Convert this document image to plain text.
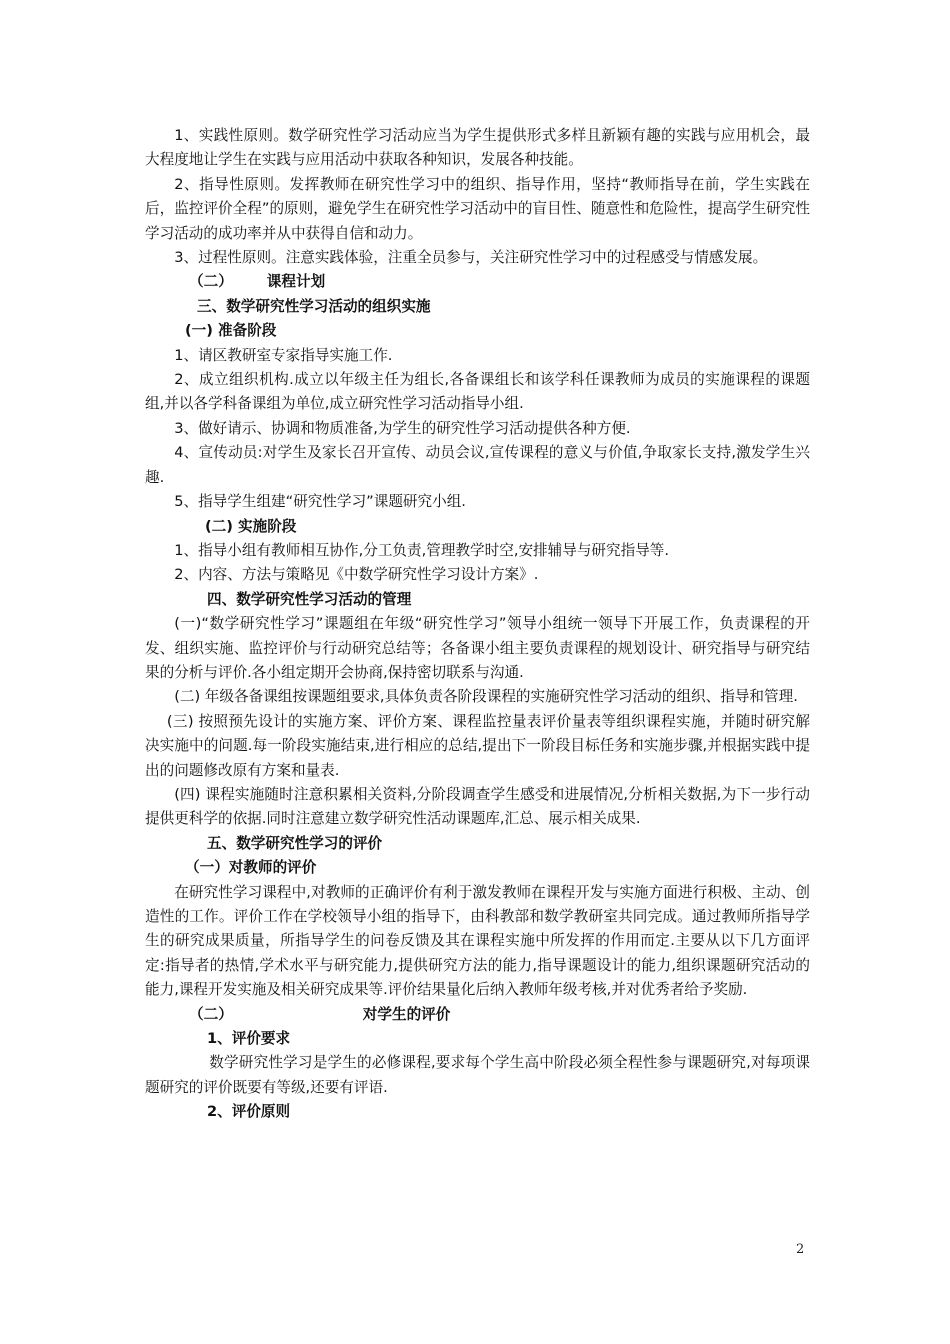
1、实践性原则。数学研究性学习活动应当为学生提供形式多样且新颖有趣的实践与应用机会，最大程度地让学生在实践与应用活动中获取各种知识，发展各种技能。

2、指导性原则。发挥教师在研究性学习中的组织、指导作用，坚持“教师指导在前，学生实践在后，监控评价全程”的原则，避免学生在研究性学习活动中的盲目性、随意性和危险性，提高学生研究性学习活动的成功率并从中获得自信和动力。

3、过程性原则。注意实践体验，注重全员参与，关注研究性学习中的过程感受与情感发展。

（二） 课程计划

三、数学研究性学习活动的组织实施

(一) 准备阶段

1、请区教研室专家指导实施工作.

2、成立组织机构.成立以年级主任为组长,各备课组长和该学科任课教师为成员的实施课程的课题组,并以各学科备课组为单位,成立研究性学习活动指导小组.

3、做好请示、协调和物质准备,为学生的研究性学习活动提供各种方便.

4、宣传动员:对学生及家长召开宣传、动员会议,宣传课程的意义与价值,争取家长支持,激发学生兴趣.

5、指导学生组建“研究性学习”课题研究小组.

(二) 实施阶段

1、指导小组有教师相互协作,分工负责,管理教学时空,安排辅导与研究指导等.

2、内容、方法与策略见《中数学研究性学习设计方案》.

四、数学研究性学习活动的管理

(一)“数学研究性学习”课题组在年级“研究性学习”领导小组统一领导下开展工作，负责课程的开发、组织实施、监控评价与行动研究总结等；各备课小组主要负责课程的规划设计、研究指导与研究结果的分析与评价.各小组定期开会协商,保持密切联系与沟通.

(二) 年级各备课组按课题组要求,具体负责各阶段课程的实施研究性学习活动的组织、指导和管理.

(三) 按照预先设计的实施方案、评价方案、课程监控量表评价量表等组织课程实施，并随时研究解决实施中的问题.每一阶段实施结束,进行相应的总结,提出下一阶段目标任务和实施步骤,并根据实践中提出的问题修改原有方案和量表.

(四) 课程实施随时注意积累相关资料,分阶段调查学生感受和进展情况,分析相关数据,为下一步行动提供更科学的依据.同时注意建立数学研究性活动课题库,汇总、展示相关成果.

五、数学研究性学习的评价

（一）对教师的评价

在研究性学习课程中,对教师的正确评价有利于激发教师在课程开发与实施方面进行积极、主动、创造性的工作。评价工作在学校领导小组的指导下，由科教部和数学教研室共同完成。通过教师所指导学生的研究成果质量，所指导学生的问卷反馈及其在课程实施中所发挥的作用而定.主要从以下几方面评定:指导者的热情,学术水平与研究能力,提供研究方法的能力,指导课题设计的能力,组织课题研究活动的能力,课程开发实施及相关研究成果等.评价结果量化后纳入教师年级考核,并对优秀者给予奖励.

（二）	对学生的评价

1、评价要求

数学研究性学习是学生的必修课程,要求每个学生高中阶段必须全程性参与课题研究,对每项课题研究的评价既要有等级,还要有评语.

2、评价原则

2
